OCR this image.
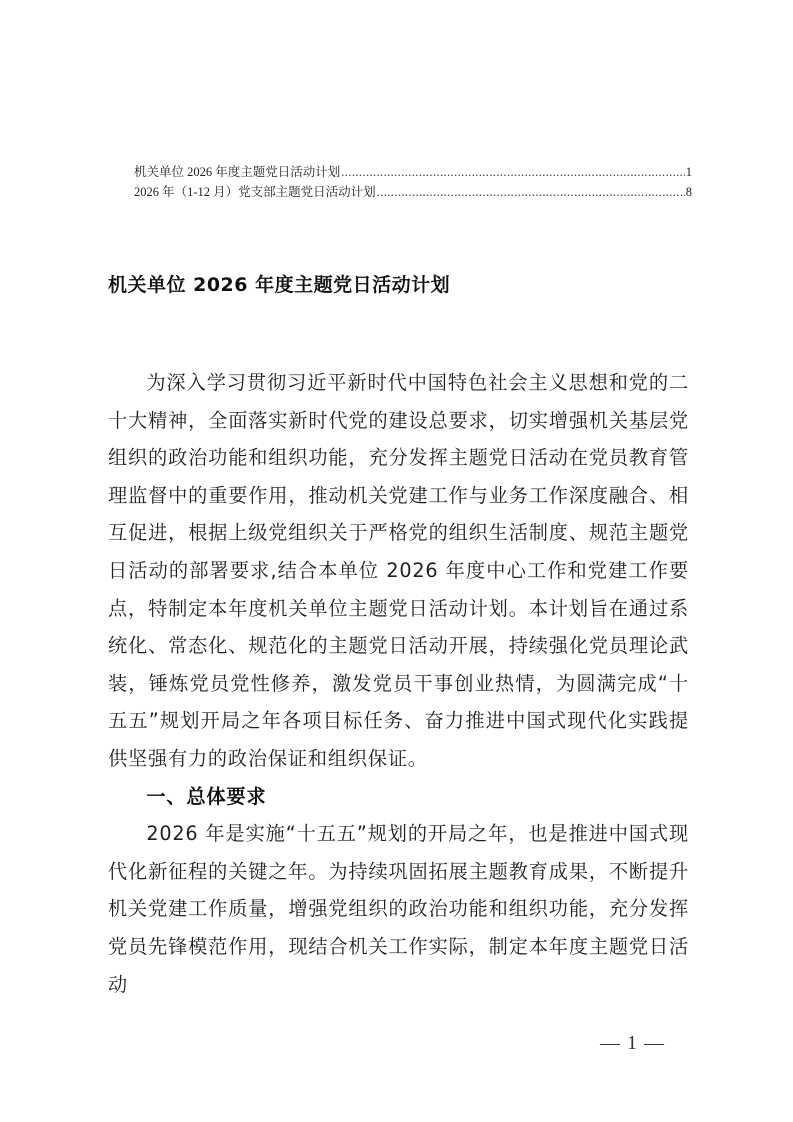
机关单位 2026 年度主题党日活动计划 .....	1
2026 年（1-12 月）党支部主题党日活动计划 .....	8
机关单位 2026 年度主题党日活动计划

为深入学习贯彻习近平新时代中国特色社会主义思想和党的二十大精神，全面落实新时代党的建设总要求，切实增强机关基层党组织的政治功能和组织功能，充分发挥主题党日活动在党员教育管理监督中的重要作用，推动机关党建工作与业务工作深度融合、相互促进，根据上级党组织关于严格党的组织生活制度、规范主题党日活动的部署要求,结合本单位 2026 年度中心工作和党建工作要点，特制定本年度机关单位主题党日活动计划。本计划旨在通过系统化、常态化、规范化的主题党日活动开展，持续强化党员理论武装，锤炼党员党性修养，激发党员干事创业热情，为圆满完成“十五五”规划开局之年各项目标任务、奋力推进中国式现代化实践提供坚强有力的政治保证和组织保证。

一、总体要求

2026 年是实施“十五五”规划的开局之年，也是推进中国式现代化新征程的关键之年。为持续巩固拓展主题教育成果，不断提升机关党建工作质量，增强党组织的政治功能和组织功能，充分发挥党员先锋模范作用，现结合机关工作实际，制定本年度主题党日活动

— 1 —
